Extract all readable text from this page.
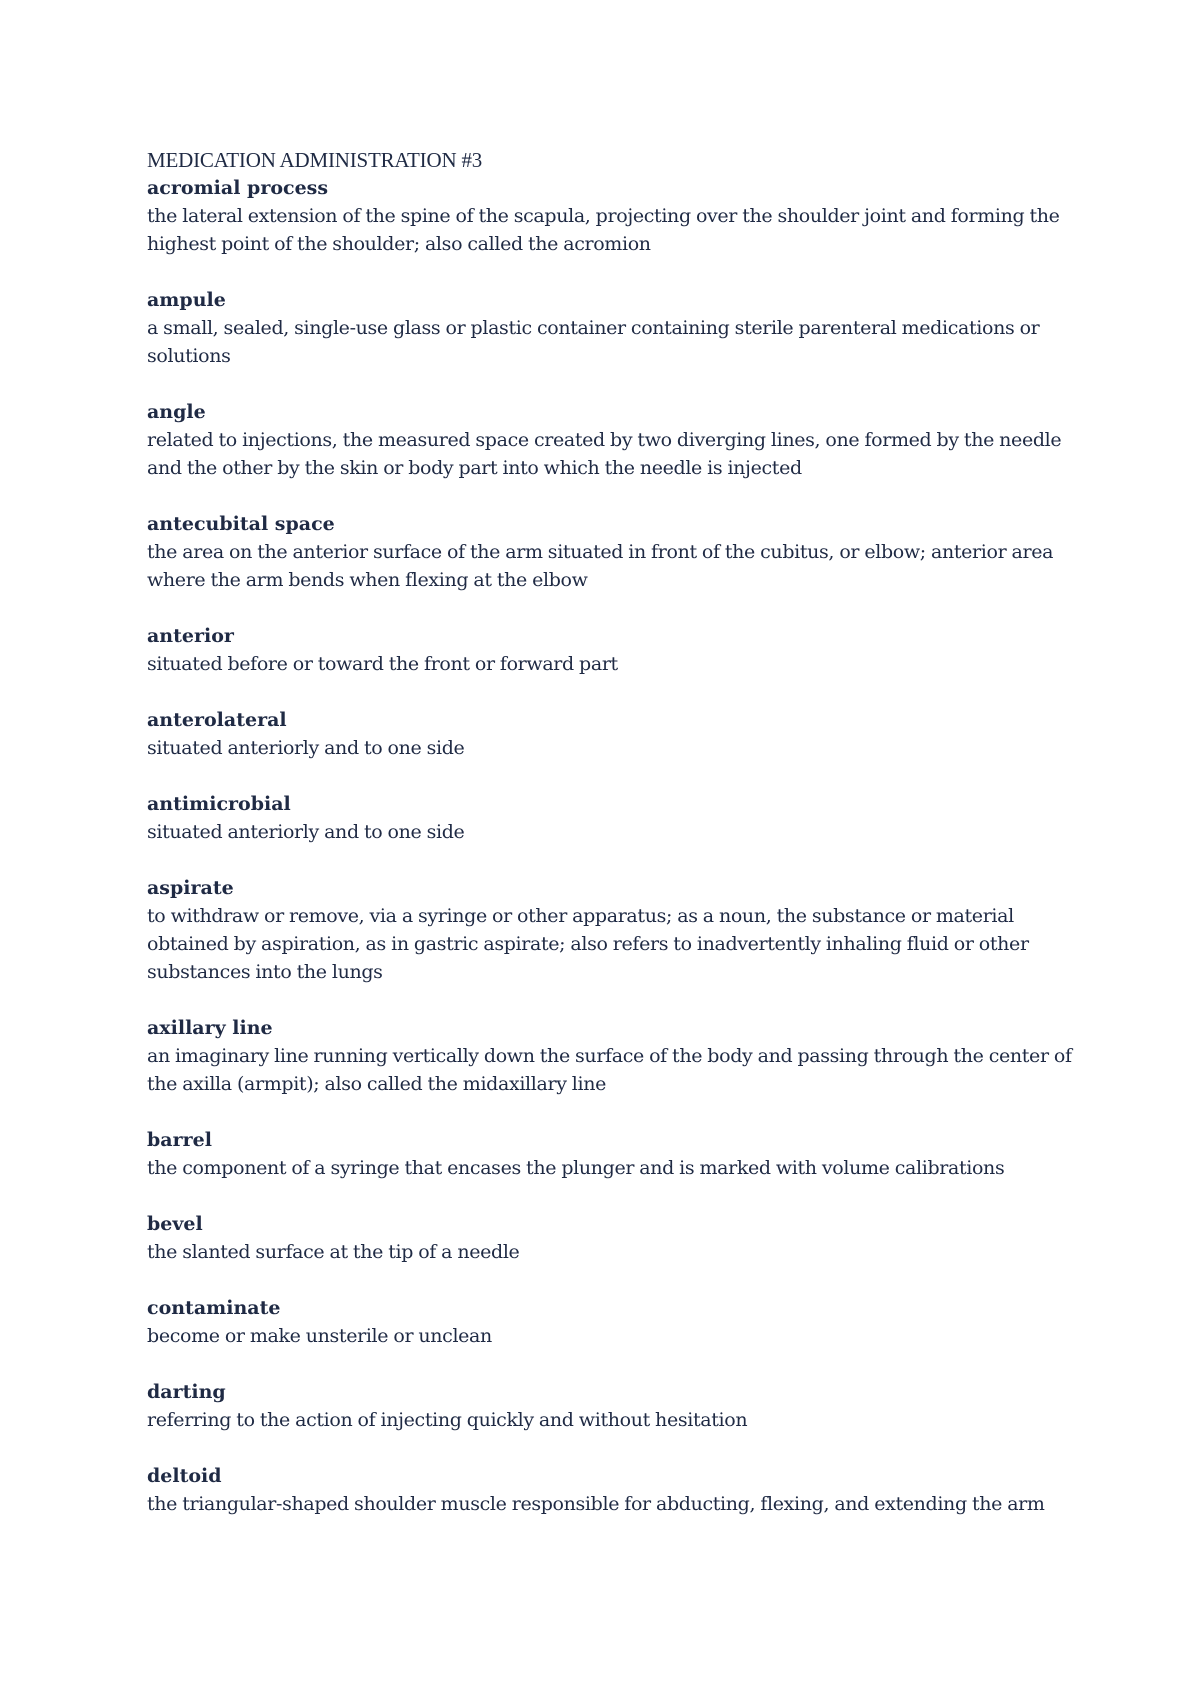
MEDICATION ADMINISTRATION #3

acromial process

the lateral extension of the spine of the scapula, projecting over the shoulder joint and forming the highest point of the shoulder; also called the acromion

ampule

a small, sealed, single-use glass or plastic container containing sterile parenteral medications or solutions

angle

related to injections, the measured space created by two diverging lines, one formed by the needle and the other by the skin or body part into which the needle is injected

antecubital space

the area on the anterior surface of the arm situated in front of the cubitus, or elbow; anterior area where the arm bends when flexing at the elbow

anterior

situated before or toward the front or forward part

anterolateral

situated anteriorly and to one side

antimicrobial

situated anteriorly and to one side

aspirate

to withdraw or remove, via a syringe or other apparatus; as a noun, the substance or material obtained by aspiration, as in gastric aspirate; also refers to inadvertently inhaling fluid or other substances into the lungs

axillary line

an imaginary line running vertically down the surface of the body and passing through the center of the axilla (armpit); also called the midaxillary line

barrel

the component of a syringe that encases the plunger and is marked with volume calibrations

bevel

the slanted surface at the tip of a needle

contaminate

become or make unsterile or unclean

darting

referring to the action of injecting quickly and without hesitation

deltoid

the triangular-shaped shoulder muscle responsible for abducting, flexing, and extending the arm
